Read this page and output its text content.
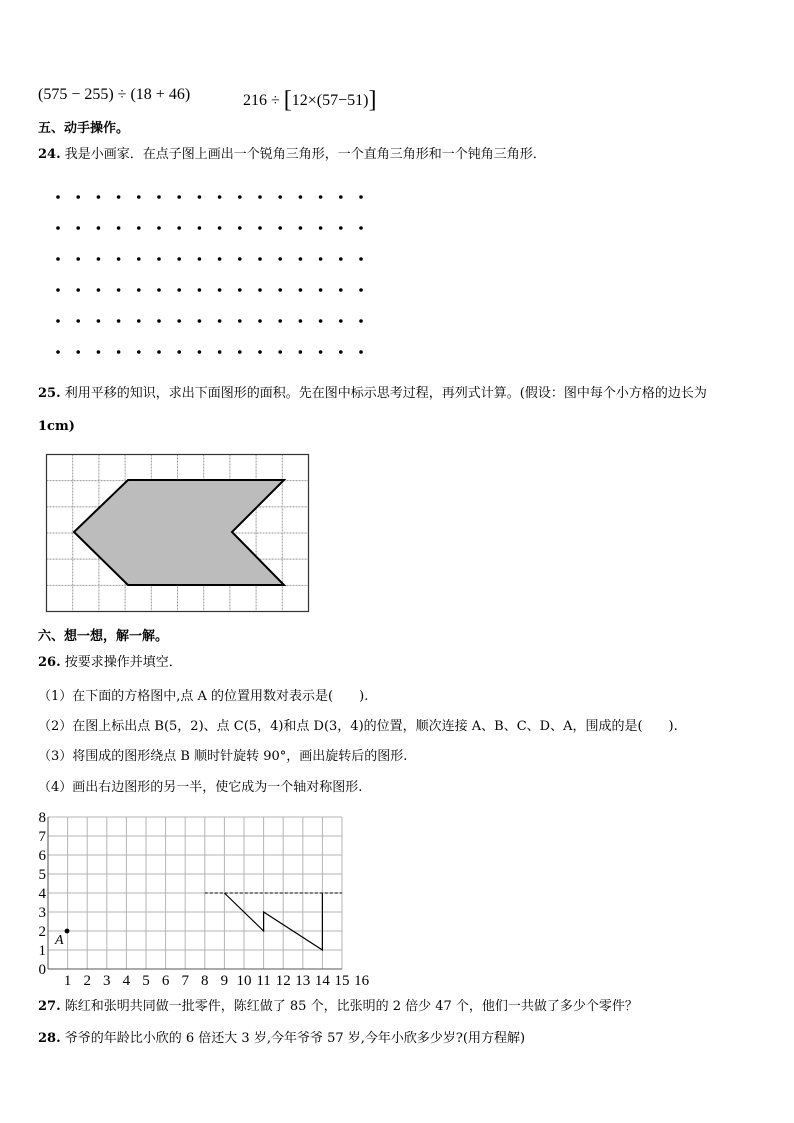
(575 − 255) ÷ (18 + 46)	216 ÷ [12×(57−51)]
五、动手操作。
24. 我是小画家．在点子图上画出一个锐角三角形，一个直角三角形和一个钝角三角形．
25. 利用平移的知识，求出下面图形的面积。先在图中标示思考过程，再列式计算。(假设：图中每个小方格的边长为
1cm)
六、想一想，解一解。
26. 按要求操作并填空．
（1）在下面的方格图中,点 A 的位置用数对表示是(　　).
（2）在图上标出点 B(5，2)、点 C(5，4)和点 D(3，4)的位置，顺次连接 A、B、C、D、A，围成的是(　　).
（3）将围成的图形绕点 B 顺时针旋转 90°，画出旋转后的图形.
（4）画出右边图形的另一半，使它成为一个轴对称图形.
1 2 3 4 5 6 7 8 9 10 11 12 13 14 15 16
0
1
2
3
4
5
6
7
8
A
27. 陈红和张明共同做一批零件，陈红做了 85 个，比张明的 2 倍少 47 个，他们一共做了多少个零件？
28. 爷爷的年龄比小欣的 6 倍还大 3 岁,今年爷爷 57 岁,今年小欣多少岁?(用方程解)
